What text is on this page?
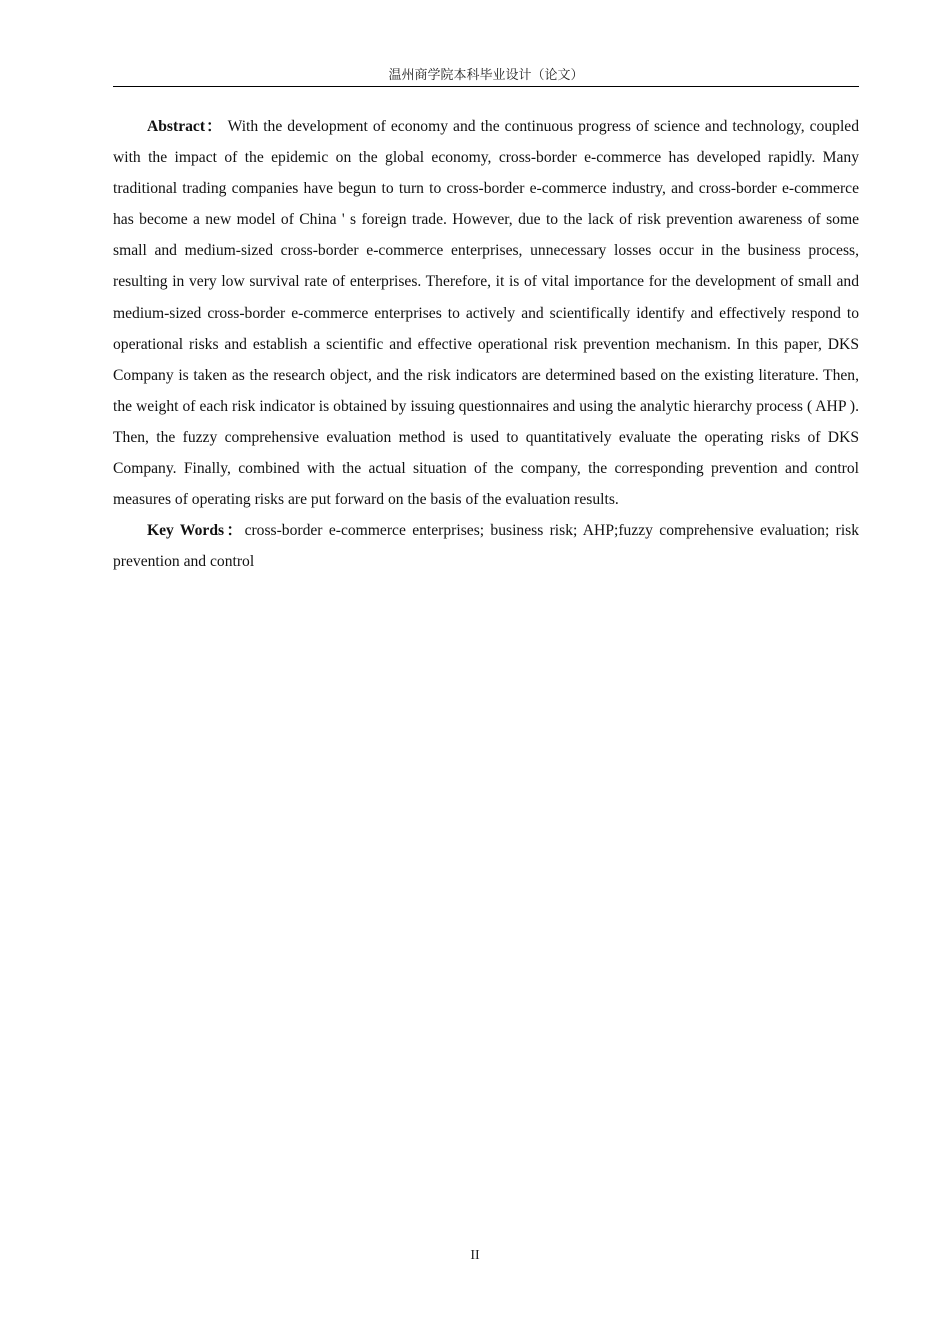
温州商学院本科毕业设计（论文）

Abstract： With the development of economy and the continuous progress of science and technology, coupled with the impact of the epidemic on the global economy, cross-border e-commerce has developed rapidly. Many traditional trading companies have begun to turn to cross-border e-commerce industry, and cross-border e-commerce has become a new model of China ' s foreign trade. However, due to the lack of risk prevention awareness of some small and medium-sized cross-border e-commerce enterprises, unnecessary losses occur in the business process, resulting in very low survival rate of enterprises. Therefore, it is of vital importance for the development of small and medium-sized cross-border e-commerce enterprises to actively and scientifically identify and effectively respond to operational risks and establish a scientific and effective operational risk prevention mechanism. In this paper, DKS Company is taken as the research object, and the risk indicators are determined based on the existing literature. Then, the weight of each risk indicator is obtained by issuing questionnaires and using the analytic hierarchy process ( AHP ). Then, the fuzzy comprehensive evaluation method is used to quantitatively evaluate the operating risks of DKS Company. Finally, combined with the actual situation of the company, the corresponding prevention and control measures of operating risks are put forward on the basis of the evaluation results.

Key Words：cross-border e-commerce enterprises; business risk; AHP;fuzzy comprehensive evaluation; risk prevention and control

II
